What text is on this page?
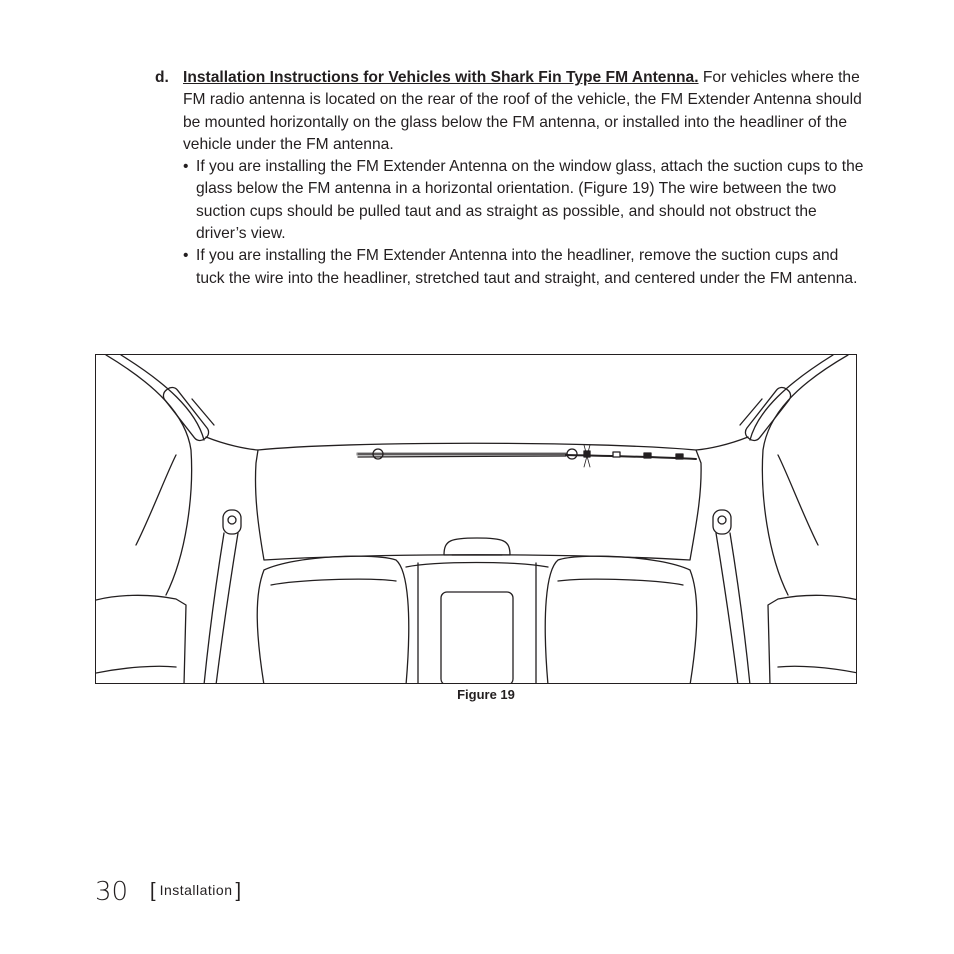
d. Installation Instructions for Vehicles with Shark Fin Type FM Antenna. For vehicles where the FM radio antenna is located on the rear of the roof of the vehicle, the FM Extender Antenna should be mounted horizontally on the glass below the FM antenna, or installed into the headliner of the vehicle under the FM antenna.
• If you are installing the FM Extender Antenna on the window glass, attach the suction cups to the glass below the FM antenna in a horizontal orientation. (Figure 19) The wire between the two suction cups should be pulled taut and as straight as possible, and should not obstruct the driver’s view.
• If you are installing the FM Extender Antenna into the headliner, remove the suction cups and tuck the wire into the headliner, stretched taut and straight, and centered under the FM antenna.
Figure 19
30 [ Installation ]
